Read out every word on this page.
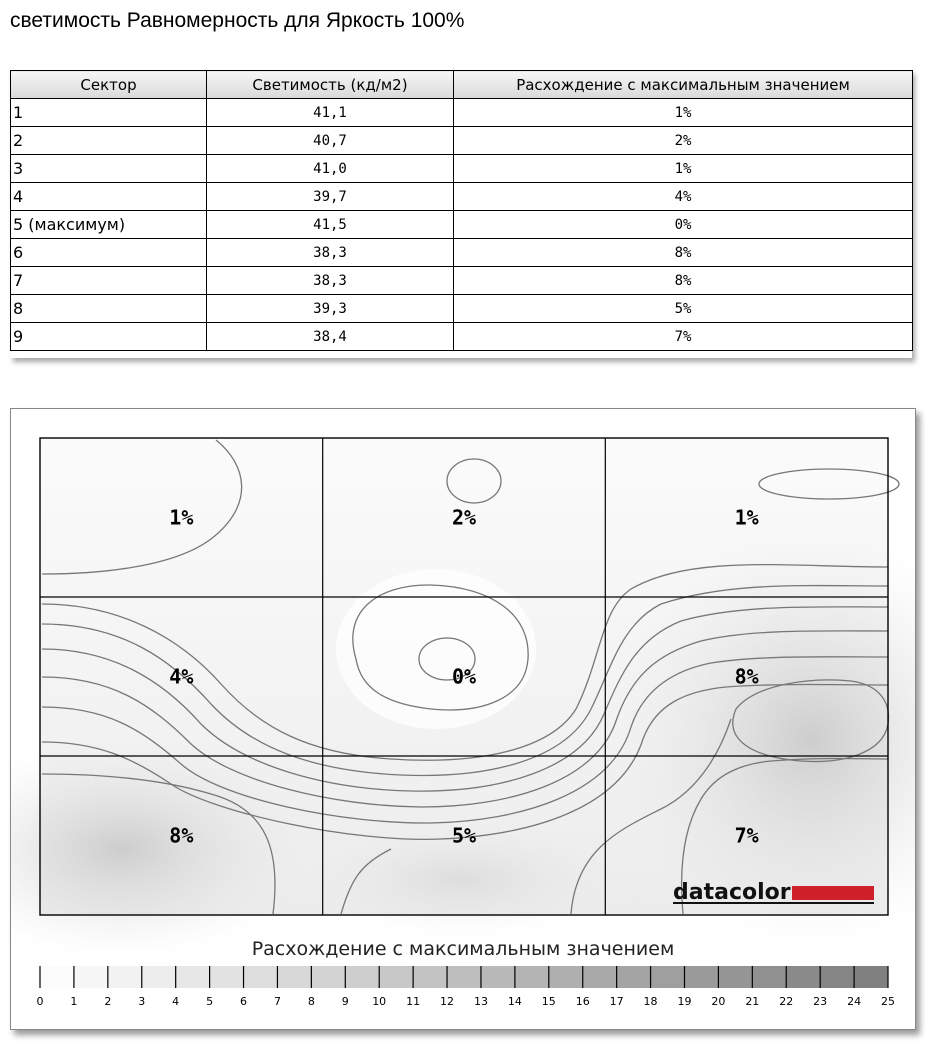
светимость Равномерность для Яркость 100%
Сектор	Светимость (кд/м2)	Расхождение с максимальным значением
1	41,1	1%
2	40,7	2%
3	41,0	1%
4	39,7	4%
5 (максимум)	41,5	0%
6	38,3	8%
7	38,3	8%
8	39,3	5%
9	38,4	7%
1%	2%	1%
4%	0%	8%
8%	5%	7%
datacolor
Расхождение с максимальным значением
0 1 2 3 4 5 6 7 8 9 10 11 12 13 14 15 16 17 18 19 20 21 22 23 24 25
